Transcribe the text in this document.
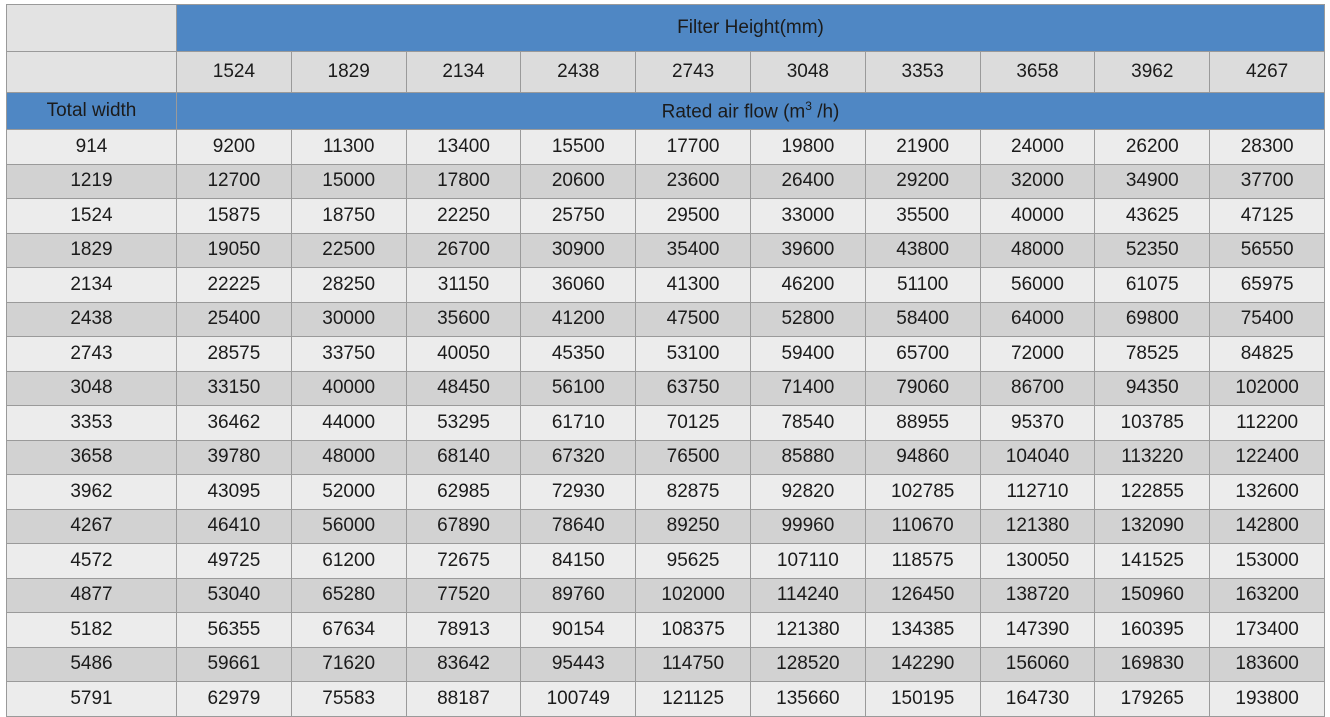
	Filter Height(mm)									
	1524	1829	2134	2438	2743	3048	3353	3658	3962	4267
Total width	Rated air flow ($m^3$ /h)									
914	9200	11300	13400	15500	17700	19800	21900	24000	26200	28300
1219	12700	15000	17800	20600	23600	26400	29200	32000	34900	37700
1524	15875	18750	22250	25750	29500	33000	35500	40000	43625	47125
1829	19050	22500	26700	30900	35400	39600	43800	48000	52350	56550
2134	22225	28250	31150	36060	41300	46200	51100	56000	61075	65975
2438	25400	30000	35600	41200	47500	52800	58400	64000	69800	75400
2743	28575	33750	40050	45350	53100	59400	65700	72000	78525	84825
3048	33150	40000	48450	56100	63750	71400	79060	86700	94350	102000
3353	36462	44000	53295	61710	70125	78540	88955	95370	103785	112200
3658	39780	48000	68140	67320	76500	85880	94860	104040	113220	122400
3962	43095	52000	62985	72930	82875	92820	102785	112710	122855	132600
4267	46410	56000	67890	78640	89250	99960	110670	121380	132090	142800
4572	49725	61200	72675	84150	95625	107110	118575	130050	141525	153000
4877	53040	65280	77520	89760	102000	114240	126450	138720	150960	163200
5182	56355	67634	78913	90154	108375	121380	134385	147390	160395	173400
5486	59661	71620	83642	95443	114750	128520	142290	156060	169830	183600
5791	62979	75583	88187	100749	121125	135660	150195	164730	179265	193800
